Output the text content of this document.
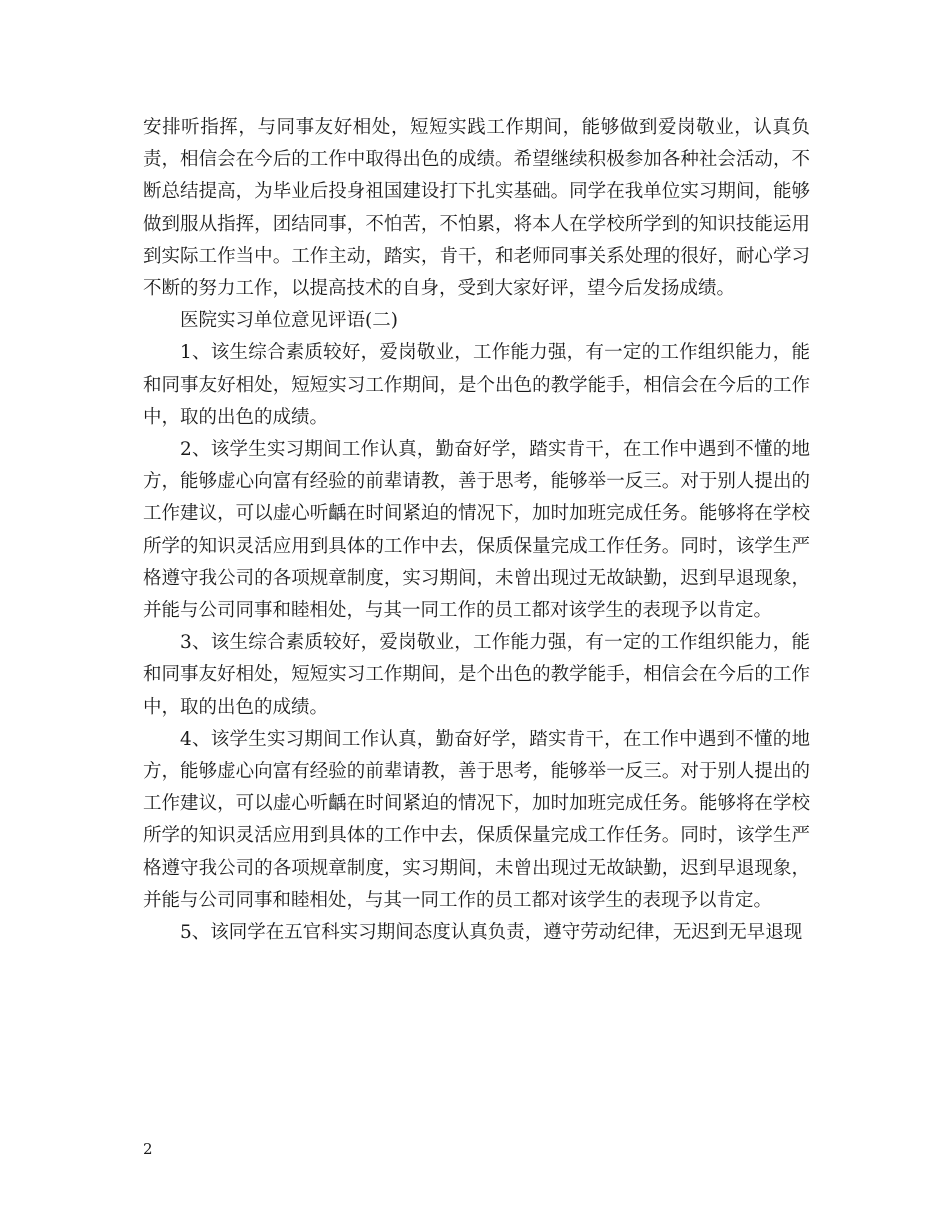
安排听指挥，与同事友好相处，短短实践工作期间，能够做到爱岗敬业，认真负责，相信会在今后的工作中取得出色的成绩。希望继续积极参加各种社会活动，不断总结提高，为毕业后投身祖国建设打下扎实基础。同学在我单位实习期间，能够做到服从指挥，团结同事，不怕苦，不怕累，将本人在学校所学到的知识技能运用到实际工作当中。工作主动，踏实，肯干，和老师同事关系处理的很好，耐心学习不断的努力工作，以提高技术的自身，受到大家好评，望今后发扬成绩。

医院实习单位意见评语(二)

1、该生综合素质较好，爱岗敬业，工作能力强，有一定的工作组织能力，能和同事友好相处，短短实习工作期间，是个出色的教学能手，相信会在今后的工作中，取的出色的成绩。

2、该学生实习期间工作认真，勤奋好学，踏实肯干，在工作中遇到不懂的地方，能够虚心向富有经验的前辈请教，善于思考，能够举一反三。对于别人提出的工作建议，可以虚心听齲在时间紧迫的情况下，加时加班完成任务。能够将在学校所学的知识灵活应用到具体的工作中去，保质保量完成工作任务。同时，该学生严格遵守我公司的各项规章制度，实习期间，未曾出现过无故缺勤，迟到早退现象，并能与公司同事和睦相处，与其一同工作的员工都对该学生的表现予以肯定。

3、该生综合素质较好，爱岗敬业，工作能力强，有一定的工作组织能力，能和同事友好相处，短短实习工作期间，是个出色的教学能手，相信会在今后的工作中，取的出色的成绩。

4、该学生实习期间工作认真，勤奋好学，踏实肯干，在工作中遇到不懂的地方，能够虚心向富有经验的前辈请教，善于思考，能够举一反三。对于别人提出的工作建议，可以虚心听齲在时间紧迫的情况下，加时加班完成任务。能够将在学校所学的知识灵活应用到具体的工作中去，保质保量完成工作任务。同时，该学生严格遵守我公司的各项规章制度，实习期间，未曾出现过无故缺勤，迟到早退现象，并能与公司同事和睦相处，与其一同工作的员工都对该学生的表现予以肯定。

5、该同学在五官科实习期间态度认真负责，遵守劳动纪律，无迟到无早退现

2
